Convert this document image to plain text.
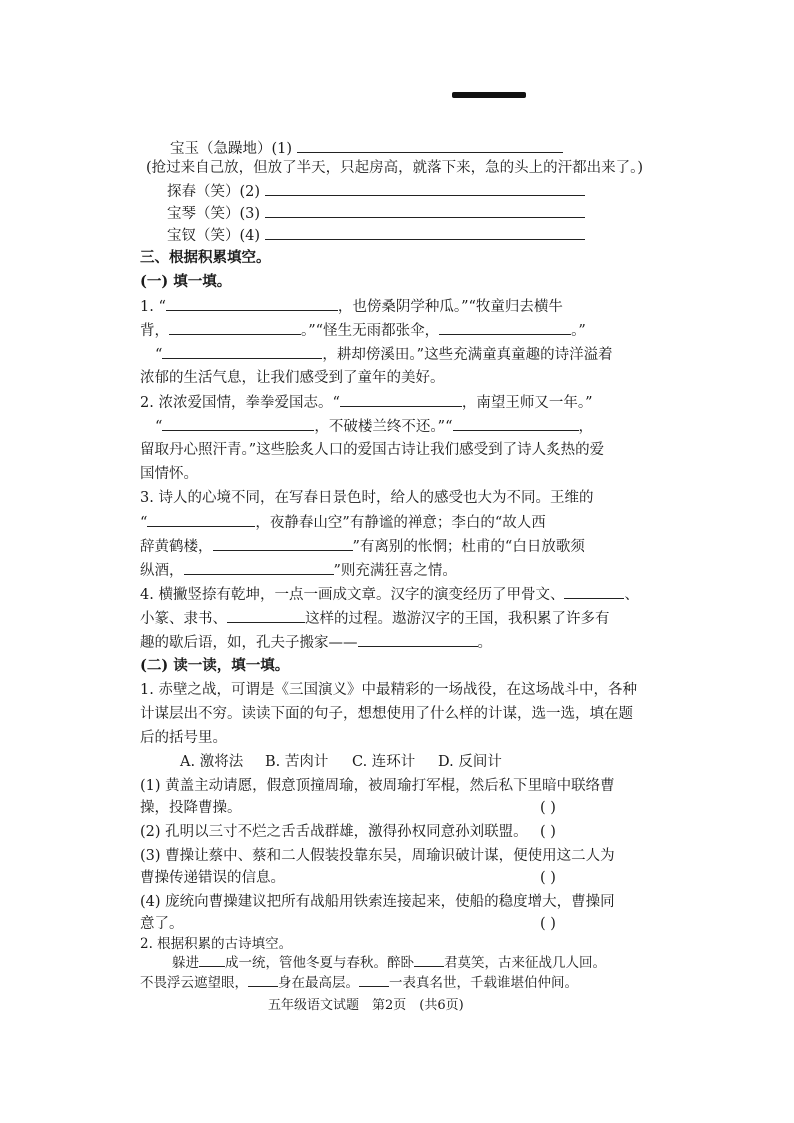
宝玉（急躁地）(1)
(抢过来自己放，但放了半天，只起房高，就落下来，急的头上的汗都出来了。)
探春（笑）(2)
宝琴（笑）(3)
宝钗（笑）(4)
三、根据积累填空。
(一) 填一填。
1. “	，也傍桑阴学种瓜。”“牧童归去横牛
背，	。”“怪生无雨都张伞，	。”
“	，耕却傍溪田。”这些充满童真童趣的诗洋溢着
浓郁的生活气息，让我们感受到了童年的美好。
2. 浓浓爱国情，拳拳爱国志。“	，南望王师又一年。”
“	，不破楼兰终不还。”“	，
留取丹心照汗青。”这些脍炙人口的爱国古诗让我们感受到了诗人炙热的爱
国情怀。
3. 诗人的心境不同，在写春日景色时，给人的感受也大为不同。王维的
“	，夜静春山空”有静谧的禅意；李白的“故人西
辞黄鹤楼，	”有离别的怅惘；杜甫的“白日放歌须
纵酒，	”则充满狂喜之情。
4. 横撇竖捺有乾坤，一点一画成文章。汉字的演变经历了甲骨文、	、
小篆、隶书、	这样的过程。遨游汉字的王国，我积累了许多有
趣的歇后语，如，孔夫子搬家——	。
(二) 读一读，填一填。
1. 赤壁之战，可谓是《三国演义》中最精彩的一场战役，在这场战斗中，各种
计谋层出不穷。读读下面的句子，想想使用了什么样的计谋，选一选，填在题
后的括号里。
A. 激将法 B. 苦肉计 C. 连环计 D. 反间计
(1) 黄盖主动请愿，假意顶撞周瑜，被周瑜打军棍，然后私下里暗中联络曹
操，投降曹操。	( )
(2) 孔明以三寸不烂之舌舌战群雄，激得孙权同意孙刘联盟。 ( )
(3) 曹操让蔡中、蔡和二人假装投靠东吴，周瑜识破计谋，便使用这二人为
曹操传递错误的信息。	( )
(4) 庞统向曹操建议把所有战船用铁索连接起来，使船的稳度增大，曹操同
意了。	( )
2. 根据积累的古诗填空。
躲进 成一统，管他冬夏与春秋。醉卧 君莫笑，古来征战几人回。
不畏浮云遮望眼， 身在最高层。 一表真名世，千载谁堪伯仲间。
五年级语文试题　第2页　(共6页)
